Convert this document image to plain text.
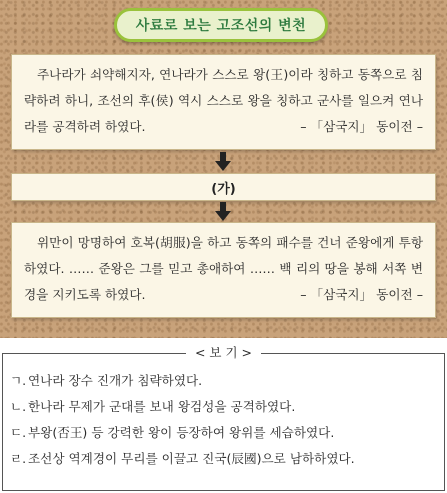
사료로 보는 고조선의 변천

주나라가 쇠약해지자, 연나라가 스스로 왕(王)이라 칭하고 동쪽으로 침략하려 하니, 조선의 후(侯) 역시 스스로 왕을 칭하고 군사를 일으켜 연나라를 공격하려 하였다.	– 「삼국지」 동이전 –

(가)

위만이 망명하여 호복(胡服)을 하고 동쪽의 패수를 건너 준왕에게 투항하였다. …… 준왕은 그를 믿고 총애하여 …… 백 리의 땅을 봉해 서쪽 변경을 지키도록 하였다.	– 「삼국지」 동이전 –

< 보 기 >
ㄱ. 연나라 장수 진개가 침략하였다.
ㄴ. 한나라 무제가 군대를 보내 왕검성을 공격하였다.
ㄷ. 부왕(否王) 등 강력한 왕이 등장하여 왕위를 세습하였다.
ㄹ. 조선상 역계경이 무리를 이끌고 진국(辰國)으로 남하하였다.
